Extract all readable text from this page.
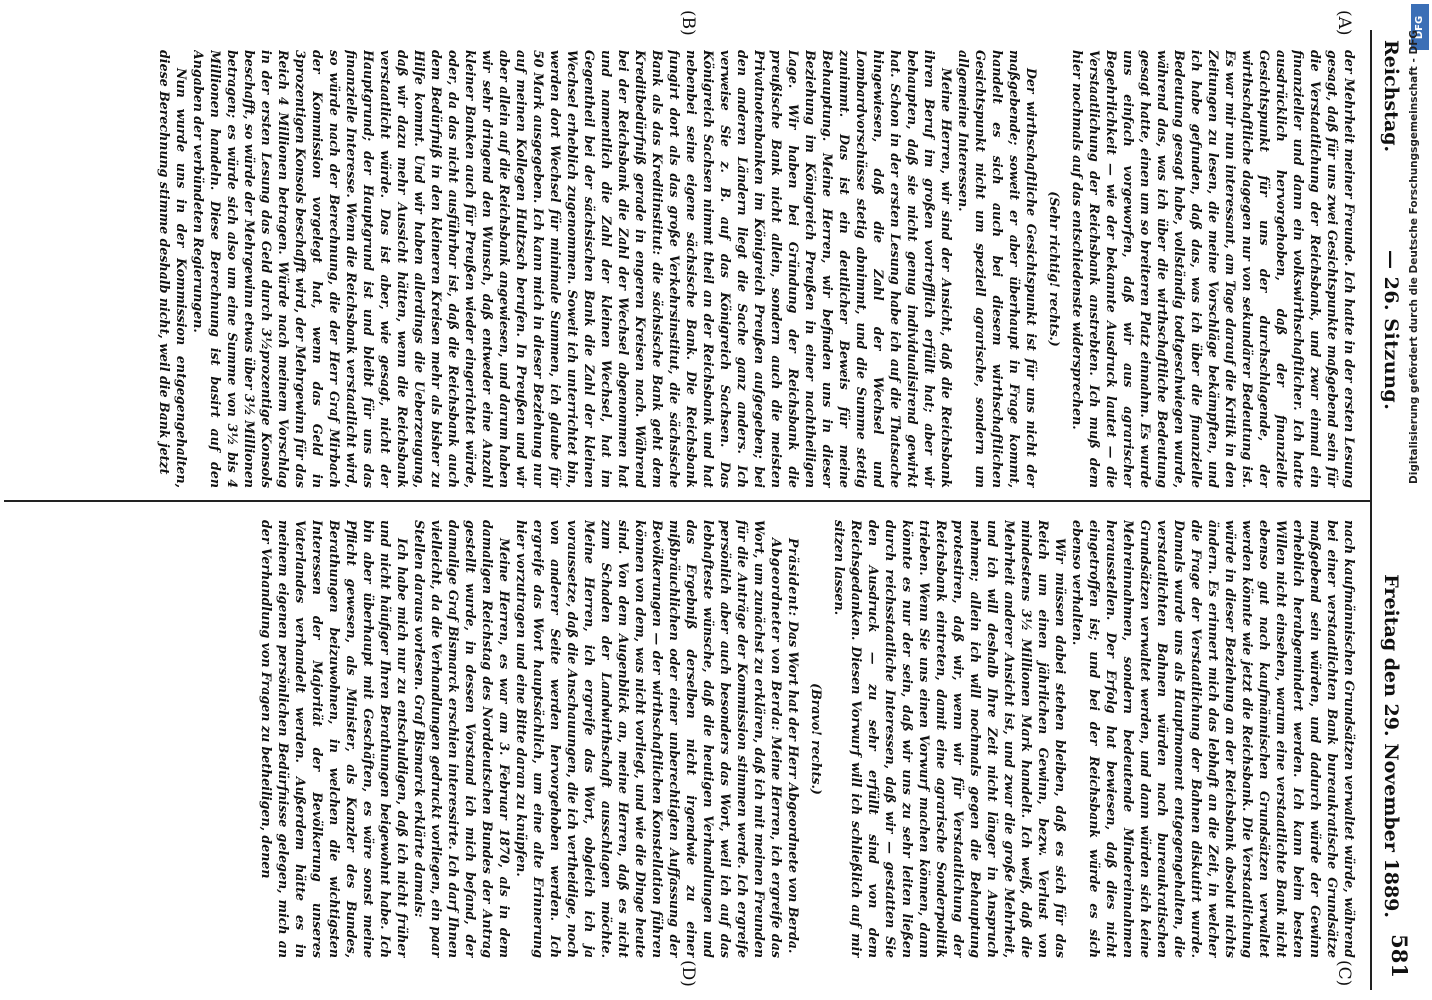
Reichstag.
— 26. Sitzung.
Freitag den 29. November 1889.
581
(A)
(B)
(C)
(D)

der Mehrheit meiner Freunde. Ich hatte in der ersten Lesung gesagt, daß für uns zwei Gesichtspunkte maßgebend sein für die Verstaatlichung der Reichsbank, und zwar einmal ein finanzieller und dann ein volkswirthschaftlicher. Ich hatte ausdrücklich hervorgehoben, daß der finanzielle Gesichtspunkt für uns der durchschlagende, der wirthschaftliche dagegen nur von sekundärer Bedeutung ist. Es war mir nun interessant, am Tage darauf die Kritik in den Zeitungen zu lesen, die meine Vorschläge bekämpften, und ich habe gefunden, daß das, was ich über die finanzielle Bedeutung gesagt habe, vollständig todtgeschwiegen wurde, während das, was ich über die wirthschaftliche Bedeutung gesagt hatte, einen um so breiteren Platz einnahm. Es wurde uns einfach vorgeworfen, daß wir aus agrarischer Begehrlichkeit — wie der bekannte Ausdruck lautet — die Verstaatlichung der Reichsbank anstrebten. Ich muß dem hier nochmals auf das entschiedenste widersprechen.

(Sehr richtig! rechts.)

Der wirthschaftliche Gesichtspunkt ist für uns nicht der maßgebende; soweit er aber überhaupt in Frage kommt, handelt es sich auch bei diesem wirthschaftlichen Gesichtspunkt nicht um speziell agrarische, sondern um allgemeine Interessen.

Meine Herren, wir sind der Ansicht, daß die Reichsbank ihren Beruf im großen vortrefflich erfüllt hat; aber wir behaupten, daß sie nicht genug individualisirend gewirkt hat. Schon in der ersten Lesung habe ich auf die Thatsache hingewiesen, daß die Zahl der Wechsel und Lombardvorschüsse stetig abnimmt, und die Summe stetig zunimmt. Das ist ein deutlicher Beweis für meine Behauptung. Meine Herren, wir befinden uns in dieser Beziehung im Königreich Preußen in einer nachtheiligen Lage. Wir haben bei Gründung der Reichsbank die preußische Bank nicht allein, sondern auch die meisten Privatnotenbanken im Königreich Preußen aufgegeben; bei den anderen Ländern liegt die Sache ganz anders. Ich verweise Sie z. B. auf das Königreich Sachsen. Das Königreich Sachsen nimmt theil an der Reichsbank und hat nebenbei seine eigene sächsische Bank. Die Reichsbank fungirt dort als das große Verkehrsinstitut, die sächsische Bank als das Kreditinstitut: die sächsische Bank geht dem Kreditbedürfniß gerade in engeren Kreisen nach. Während bei der Reichsbank die Zahl der Wechsel abgenommen hat und namentlich die Zahl der kleinen Wechsel, hat im Gegentheil bei der sächsischen Bank die Zahl der kleinen Wechsel erheblich zugenommen. Soweit ich unterrichtet bin, werden dort Wechsel für minimale Summen, ich glaube für 50 Mark ausgegeben. Ich kann mich in dieser Beziehung nur auf meinen Kollegen Hultzsch berufen. In Preußen und wir aber allein auf die Reichsbank angewiesen, und darum haben wir sehr dringend den Wunsch, daß entweder eine Anzahl kleiner Banken auch für Preußen wieder eingerichtet würde, oder, da das nicht ausführbar ist, daß die Reichsbank auch dem Bedürfniß in den kleineren Kreisen mehr als bisher zu Hilfe kommt. Und wir haben allerdings die Ueberzeugung, daß wir dazu mehr Aussicht hätten, wenn die Reichsbank verstaatlicht würde. Das ist aber, wie gesagt, nicht der Hauptgrund; der Hauptgrund ist und bleibt für uns das finanzielle Interesse. Wenn die Reichsbank verstaatlicht wird, so würde nach der Berechnung, die der Herr Graf Mirbach der Kommission vorgelegt hat, wenn das Geld in 3prozentigen Konsols beschafft wird, der Mehrgewinn für das Reich 4 Millionen betragen. Würde nach meinem Vorschlag in der ersten Lesung das Geld durch 3½prozentige Konsols beschafft, so würde der Mehrgewinn etwas über 3½ Millionen betragen; es würde sich also um eine Summe von 3½ bis 4 Millionen handeln. Diese Berechnung ist basirt auf den Angaben der verbündeten Regierungen.

Nun wurde uns in der Kommission entgegengehalten, diese Berechnung stimme deshalb nicht, weil die Bank jetzt

nach kaufmännischen Grundsätzen verwaltet würde, während bei einer verstaatlichten Bank bureaukratische Grundsätze maßgebend sein würden, und dadurch würde der Gewinn erheblich herabgemindert werden. Ich kann beim besten Willen nicht einsehen, warum eine verstaatlichte Bank nicht ebenso gut nach kaufmännischen Grundsätzen verwaltet werden könnte wie jetzt die Reichsbank. Die Verstaatlichung würde in dieser Beziehung an der Reichsbank absolut nichts ändern. Es erinnert mich das lebhaft an die Zeit, in welcher die Frage der Verstaatlichung der Bahnen diskutirt wurde. Damals wurde uns als Hauptmoment entgegengehalten, die verstaatlichten Bahnen würden nach bureaukratischen Grundsätzen verwaltet werden, und dann würden sich keine Mehreinnahmen, sondern bedeutende Mindereinnahmen herausstellen. Der Erfolg hat bewiesen, daß dies nicht eingetroffen ist; und bei der Reichsbank würde es sich ebenso verhalten.

Wir müssen dabei stehen bleiben, daß es sich für das Reich um einen jährlichen Gewinn, bezw. Verlust von mindestens 3½ Millionen Mark handelt. Ich weiß, daß die Mehrheit anderer Ansicht ist, und zwar die große Mehrheit, und ich will deshalb Ihre Zeit nicht länger in Anspruch nehmen; allein ich will nochmals gegen die Behauptung protestiren, daß wir, wenn wir für Verstaatlichung der Reichsbank eintreten, damit eine agrarische Sonderpolitik trieben. Wenn Sie uns einen Vorwurf machen können, dann könnte es nur der sein, daß wir uns zu sehr leiten ließen durch reichsstaatliche Interessen, daß wir — gestatten Sie den Ausdruck — zu sehr erfüllt sind von dem Reichsgedanken. Diesen Vorwurf will ich schließlich auf mir sitzen lassen.

(Bravo! rechts.)

Präsident: Das Wort hat der Herr Abgeordnete von Berda.

Abgeordneter von Berda: Meine Herren, ich ergreife das Wort, um zunächst zu erklären, daß ich mit meinen Freunden für die Anträge der Kommission stimmen werde. Ich ergreife persönlich aber auch besonders das Wort, weil ich auf das lebhafteste wünsche, daß die heutigen Verhandlungen und das Ergebniß derselben nicht irgendwie zu einer mißbräuchlichen oder einer unberechtigten Auffassung der Bevölkerungen — der wirthschaftlichen Konstellation führen können von dem, was nicht vorliegt, und wie die Dinge heute sind. Von dem Augenblick an, meine Herren, daß es nicht zum Schaden der Landwirthschaft ausschlagen möchte. Meine Herren, ich ergreife das Wort, obgleich ich ja voraussetze, daß die Anschauungen, die ich vertheidige, noch von anderer Seite werden hervorgehoben werden. Ich ergreife das Wort hauptsächlich, um eine alte Erinnerung hier vorzutragen und eine Bitte daran zu knüpfen.

Meine Herren, es war am 3. Februar 1870, als in dem damaligen Reichstag des Norddeutschen Bundes der Antrag gestellt wurde, in dessen Vorstand ich mich befand, der damalige Graf Bismarck erschien interessirte. Ich darf Ihnen vielleicht, da die Verhandlungen gedruckt vorliegen, ein paar Stellen daraus vorlesen. Graf Bismarck erklärte damals:

Ich habe mich nur zu entschuldigen, daß ich nicht früher und nicht häufiger Ihren Berathungen beigewohnt habe. Ich bin aber überhaupt mit Geschäften, es wäre sonst meine Pflicht gewesen, als Minister, als Kanzler des Bundes, Berathungen beizuwohnen, in welchen die wichtigsten Interessen der Majorität der Bevölkerung unseres Vaterlandes verhandelt werden. Außerdem hätte es in meinem eigenen persönlichen Bedürfnisse gelegen, mich an der Verhandlung von Fragen zu betheiligen, denen

DFG
Digitalisierung gefördert durch die Deutsche Forschungsgemeinschaft - DFG
